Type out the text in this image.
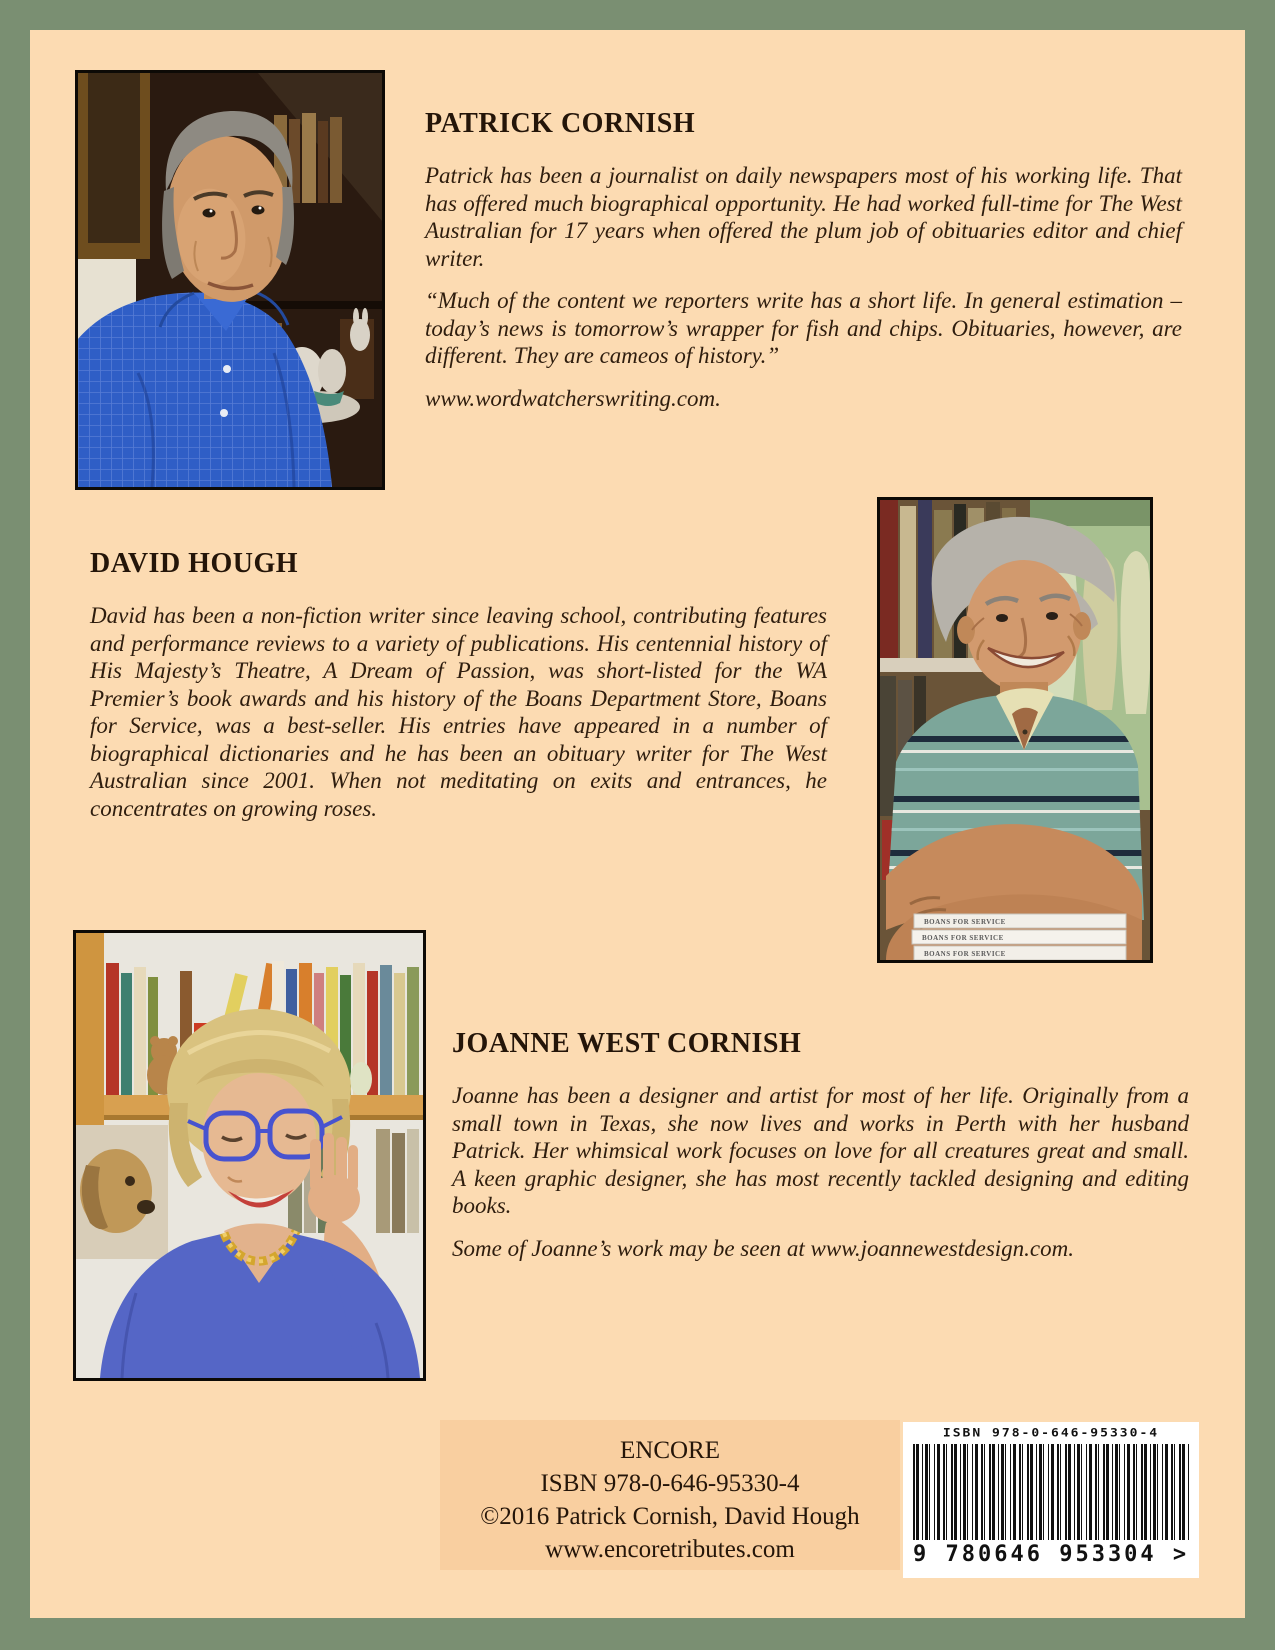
PATRICK CORNISH

Patrick has been a journalist on daily newspapers most of his working life. That has offered much biographical opportunity. He had worked full-time for The West Australian for 17 years when offered the plum job of obituaries editor and chief writer.

“Much of the content we reporters write has a short life. In general estimation – today’s news is tomorrow’s wrapper for fish and chips. Obituaries, however, are different. They are cameos of history.”

www.wordwatcherswriting.com.

DAVID HOUGH

David has been a non-fiction writer since leaving school, contributing features and performance reviews to a variety of publications. His centennial history of His Majesty’s Theatre, A Dream of Passion, was short-listed for the WA Premier’s book awards and his history of the Boans Department Store, Boans for Service, was a best-seller. His entries have appeared in a number of biographical dictionaries and he has been an obituary writer for The West Australian since 2001. When not meditating on exits and entrances, he concentrates on growing roses.

BOANS FOR SERVICE
BOANS FOR SERVICE
BOANS FOR SERVICE
JOANNE WEST CORNISH

Joanne has been a designer and artist for most of her life. Originally from a small town in Texas, she now lives and works in Perth with her husband Patrick. Her whimsical work focuses on love for all creatures great and small. A keen graphic designer, she has most recently tackled designing and editing books.

Some of Joanne’s work may be seen at www.joannewestdesign.com.

ENCORE
ISBN 978-0-646-95330-4
©2016 Patrick Cornish, David Hough
www.encoretributes.com
ISBN 978-0-646-95330-4
9 780646 953304 >
